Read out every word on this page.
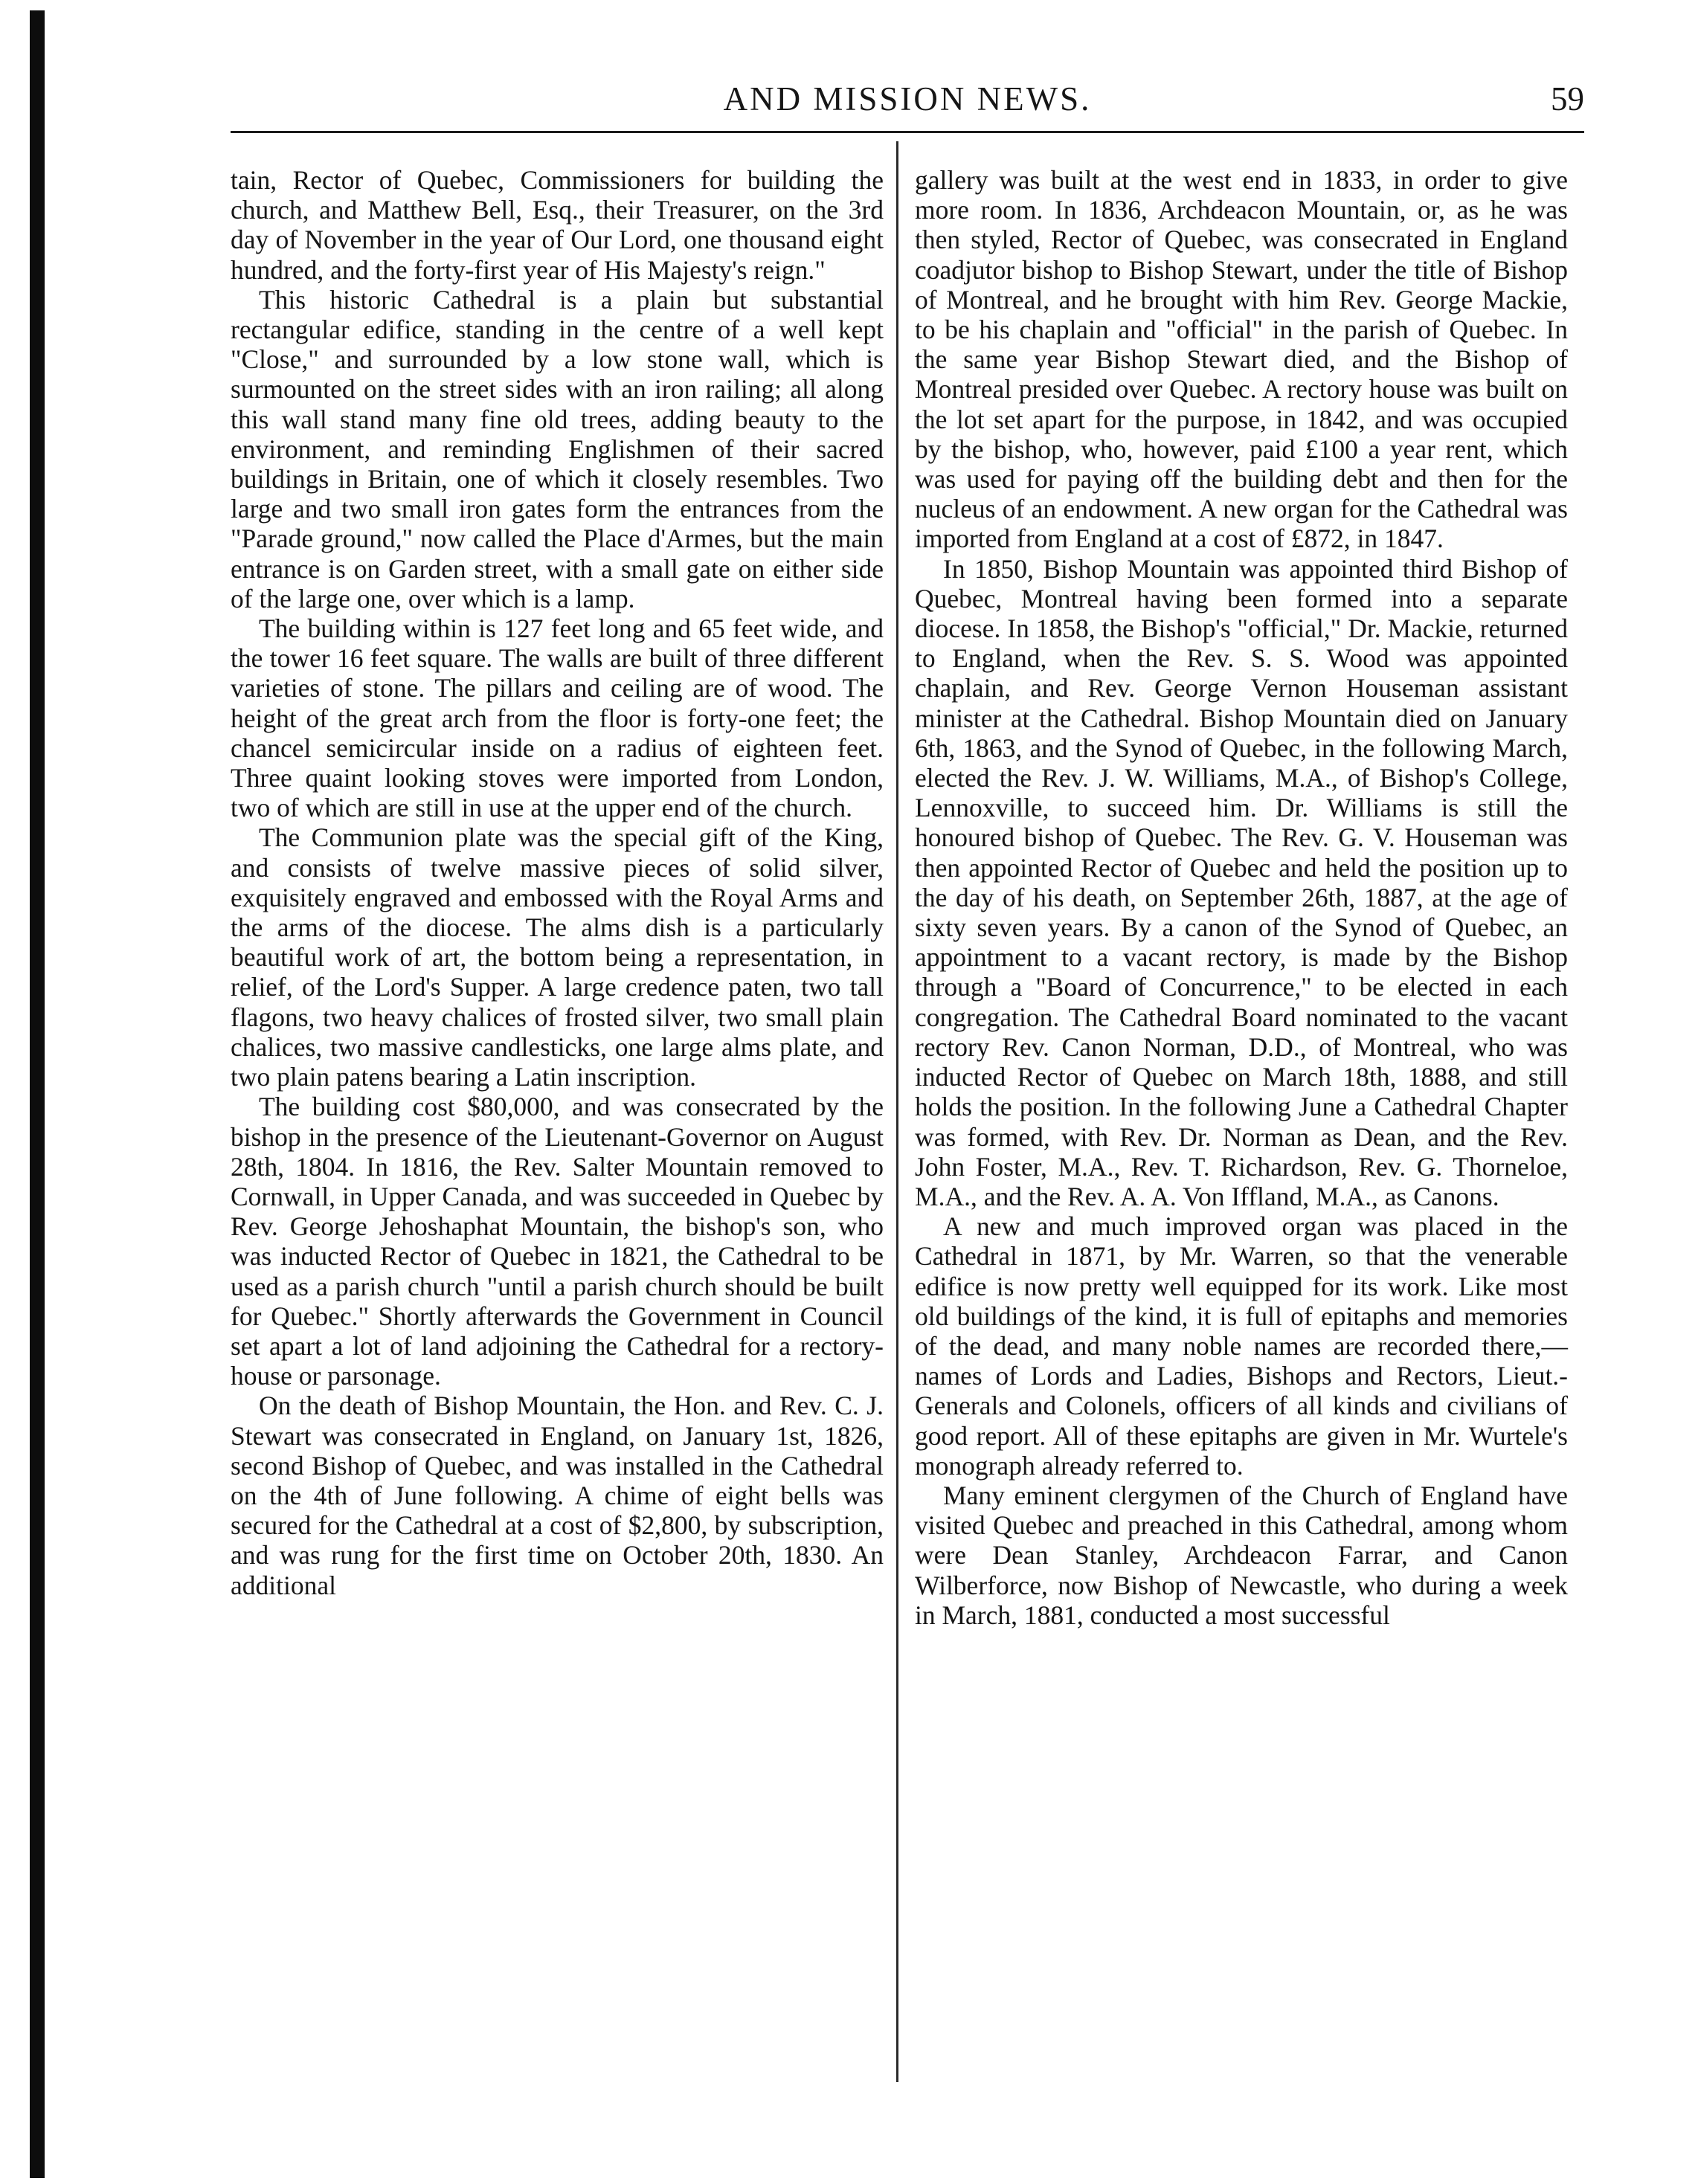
AND MISSION NEWS.	59

tain, Rector of Quebec, Commissioners for building the church, and Matthew Bell, Esq., their Treasurer, on the 3rd day of November in the year of Our Lord, one thousand eight hundred, and the forty-first year of His Majesty's reign."

This historic Cathedral is a plain but substantial rectangular edifice, standing in the centre of a well kept "Close," and surrounded by a low stone wall, which is surmounted on the street sides with an iron railing; all along this wall stand many fine old trees, adding beauty to the environment, and reminding Englishmen of their sacred buildings in Britain, one of which it closely resembles. Two large and two small iron gates form the entrances from the "Parade ground," now called the Place d'Armes, but the main entrance is on Garden street, with a small gate on either side of the large one, over which is a lamp.

The building within is 127 feet long and 65 feet wide, and the tower 16 feet square. The walls are built of three different varieties of stone. The pillars and ceiling are of wood. The height of the great arch from the floor is forty-one feet; the chancel semicircular inside on a radius of eighteen feet. Three quaint looking stoves were imported from London, two of which are still in use at the upper end of the church.

The Communion plate was the special gift of the King, and consists of twelve massive pieces of solid silver, exquisitely engraved and embossed with the Royal Arms and the arms of the diocese. The alms dish is a particularly beautiful work of art, the bottom being a representation, in relief, of the Lord's Supper. A large credence paten, two tall flagons, two heavy chalices of frosted silver, two small plain chalices, two massive candlesticks, one large alms plate, and two plain patens bearing a Latin inscription.

The building cost $80,000, and was consecrated by the bishop in the presence of the Lieutenant-Governor on August 28th, 1804. In 1816, the Rev. Salter Mountain removed to Cornwall, in Upper Canada, and was succeeded in Quebec by Rev. George Jehoshaphat Mountain, the bishop's son, who was inducted Rector of Quebec in 1821, the Cathedral to be used as a parish church "until a parish church should be built for Quebec." Shortly afterwards the Government in Council set apart a lot of land adjoining the Cathedral for a rectory-house or parsonage.

On the death of Bishop Mountain, the Hon. and Rev. C. J. Stewart was consecrated in England, on January 1st, 1826, second Bishop of Quebec, and was installed in the Cathedral on the 4th of June following. A chime of eight bells was secured for the Cathedral at a cost of $2,800, by subscription, and was rung for the first time on October 20th, 1830. An additional

gallery was built at the west end in 1833, in order to give more room. In 1836, Archdeacon Mountain, or, as he was then styled, Rector of Quebec, was consecrated in England coadjutor bishop to Bishop Stewart, under the title of Bishop of Montreal, and he brought with him Rev. George Mackie, to be his chaplain and "official" in the parish of Quebec. In the same year Bishop Stewart died, and the Bishop of Montreal presided over Quebec. A rectory house was built on the lot set apart for the purpose, in 1842, and was occupied by the bishop, who, however, paid £100 a year rent, which was used for paying off the building debt and then for the nucleus of an endowment. A new organ for the Cathedral was imported from England at a cost of £872, in 1847.

In 1850, Bishop Mountain was appointed third Bishop of Quebec, Montreal having been formed into a separate diocese. In 1858, the Bishop's "official," Dr. Mackie, returned to England, when the Rev. S. S. Wood was appointed chaplain, and Rev. George Vernon Houseman assistant minister at the Cathedral. Bishop Mountain died on January 6th, 1863, and the Synod of Quebec, in the following March, elected the Rev. J. W. Williams, M.A., of Bishop's College, Lennoxville, to succeed him. Dr. Williams is still the honoured bishop of Quebec. The Rev. G. V. Houseman was then appointed Rector of Quebec and held the position up to the day of his death, on September 26th, 1887, at the age of sixty seven years. By a canon of the Synod of Quebec, an appointment to a vacant rectory, is made by the Bishop through a "Board of Concurrence," to be elected in each congregation. The Cathedral Board nominated to the vacant rectory Rev. Canon Norman, D.D., of Montreal, who was inducted Rector of Quebec on March 18th, 1888, and still holds the position. In the following June a Cathedral Chapter was formed, with Rev. Dr. Norman as Dean, and the Rev. John Foster, M.A., Rev. T. Richardson, Rev. G. Thorneloe, M.A., and the Rev. A. A. Von Iffland, M.A., as Canons.

A new and much improved organ was placed in the Cathedral in 1871, by Mr. Warren, so that the venerable edifice is now pretty well equipped for its work. Like most old buildings of the kind, it is full of epitaphs and memories of the dead, and many noble names are recorded there,—names of Lords and Ladies, Bishops and Rectors, Lieut.-Generals and Colonels, officers of all kinds and civilians of good report. All of these epitaphs are given in Mr. Wurtele's monograph already referred to.

Many eminent clergymen of the Church of England have visited Quebec and preached in this Cathedral, among whom were Dean Stanley, Archdeacon Farrar, and Canon Wilberforce, now Bishop of Newcastle, who during a week in March, 1881, conducted a most successful
